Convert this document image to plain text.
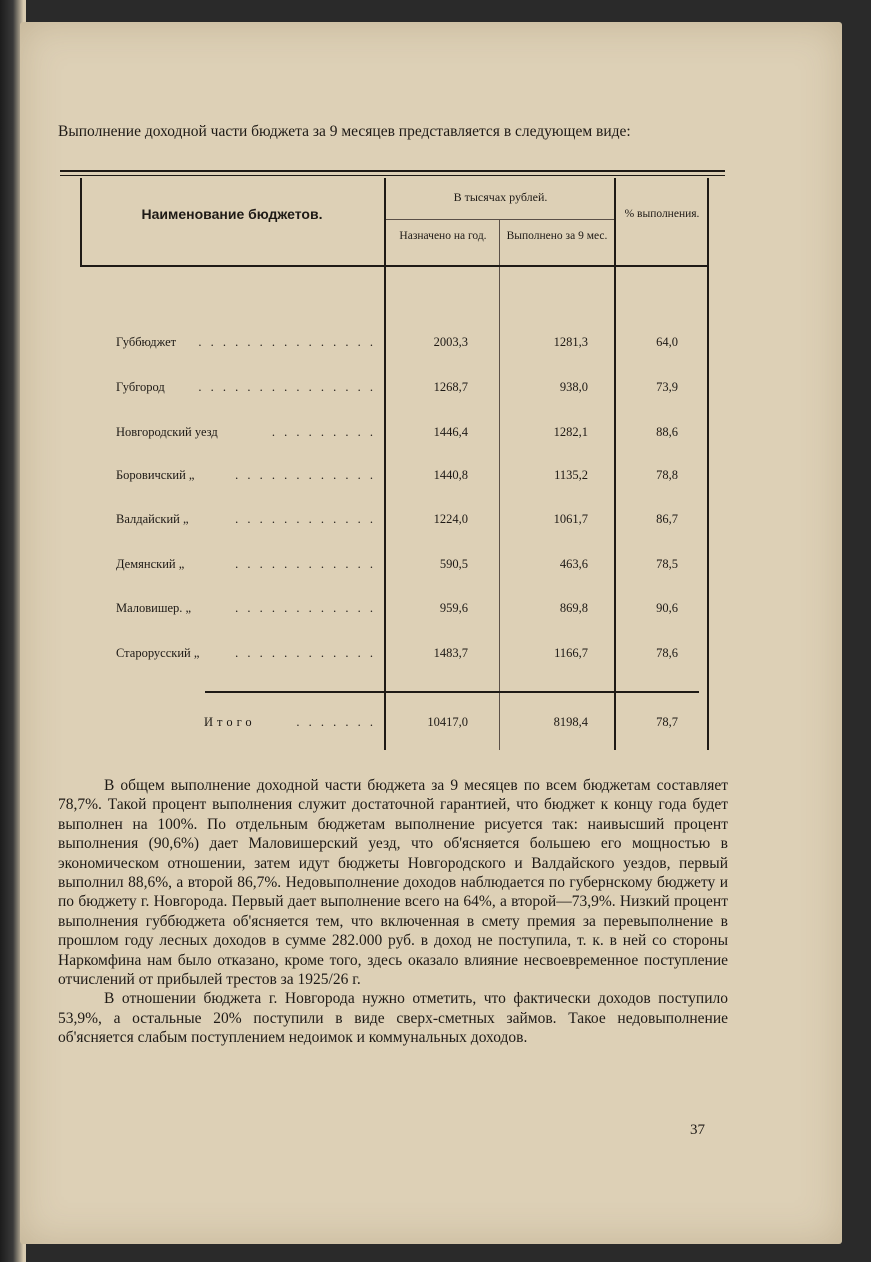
Выполнение доходной части бюджета за 9 месяцев представляется в следующем виде:
Наименование бюджетов.
В тысячах рублей.
Назначено на год.	Выполнено за 9 мес.
% выполнения.
Губбюджет	. . . . . . . . . . . . . . .	2003,3	1281,3	64,0
Губгород	. . . . . . . . . . . . . . .	1268,7	938,0	73,9
Новгородский уезд	. . . . . . . . .	1446,4	1282,1	88,6
Боровичский „	. . . . . . . . . . . .	1440,8	1135,2	78,8
Валдайский „	. . . . . . . . . . . .	1224,0	1061,7	86,7
Демянский „	. . . . . . . . . . . .	590,5	463,6	78,5
Маловишер. „	. . . . . . . . . . . .	959,6	869,8	90,6
Старорусский „	. . . . . . . . . . . .	1483,7	1166,7	78,6
Итого	. . . . . . .	10417,0	8198,4	78,7

В общем выполнение доходной части бюджета за 9 месяцев по всем бюджетам составляет 78,7%. Такой процент выполнения служит достаточной гарантией, что бюджет к концу года будет выполнен на 100%. По отдельным бюджетам выполнение рисуется так: наивысший процент выполнения (90,6%) дает Маловишерский уезд, что об'ясняется большею его мощностью в экономическом отношении, затем идут бюджеты Новгородского и Валдайского уездов, первый выполнил 88,6%, а второй 86,7%. Недовыполнение доходов наблюдается по губернскому бюджету и по бюджету г. Новгорода. Первый дает выполнение всего на 64%, а второй—73,9%. Низкий процент выполнения губбюджета об'ясняется тем, что включенная в смету премия за перевыполнение в прошлом году лесных доходов в сумме 282.000 руб. в доход не поступила, т. к. в ней со стороны Наркомфина нам было отказано, кроме того, здесь оказало влияние несвоевременное поступление отчислений от прибылей трестов за 1925/26 г.

В отношении бюджета г. Новгорода нужно отметить, что фактически доходов поступило 53,9%, а остальные 20% поступили в виде сверх-сметных займов. Такое недовыполнение об'ясняется слабым поступлением недоимок и коммунальных доходов.

37
